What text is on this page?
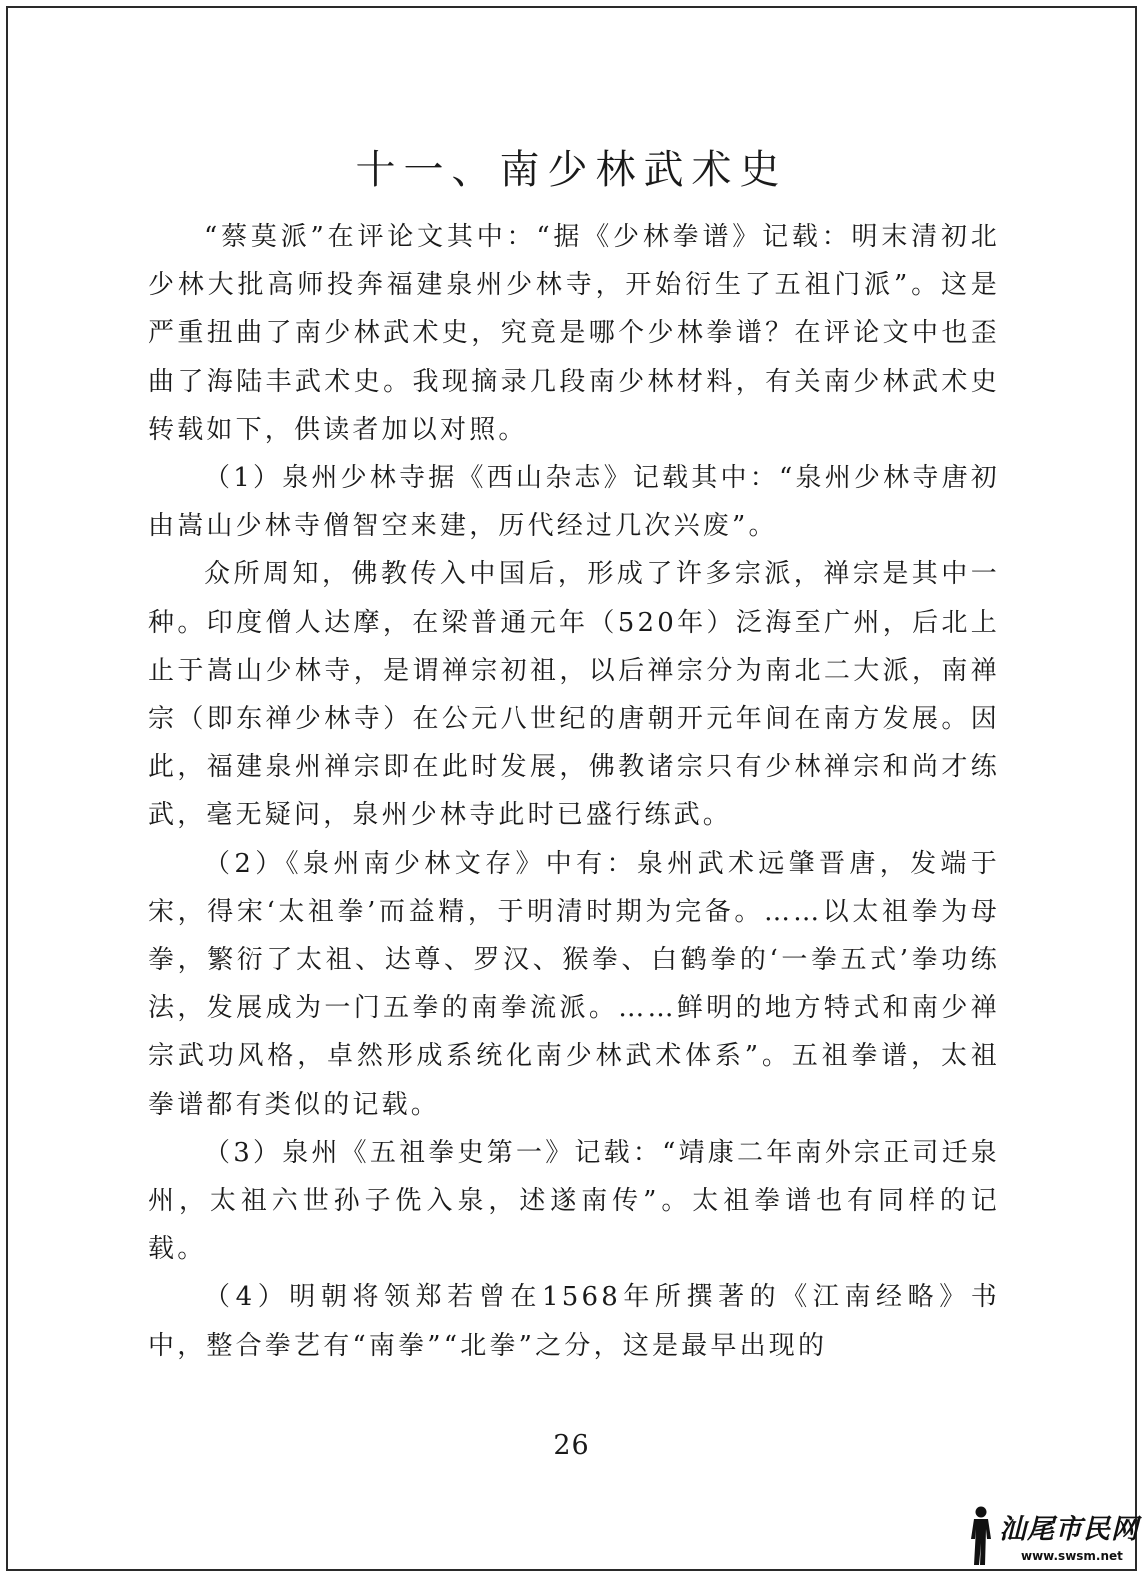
十一、南少林武术史

“蔡莫派”在评论文其中：“据《少林拳谱》记载：明末清初北少林大批高师投奔福建泉州少林寺，开始衍生了五祖门派”。这是严重扭曲了南少林武术史，究竟是哪个少林拳谱？在评论文中也歪曲了海陆丰武术史。我现摘录几段南少林材料，有关南少林武术史转载如下，供读者加以对照。

（1）泉州少林寺据《西山杂志》记载其中：“泉州少林寺唐初由嵩山少林寺僧智空来建，历代经过几次兴废”。

众所周知，佛教传入中国后，形成了许多宗派，禅宗是其中一种。印度僧人达摩，在梁普通元年（520年）泛海至广州，后北上止于嵩山少林寺，是谓禅宗初祖，以后禅宗分为南北二大派，南禅宗（即东禅少林寺）在公元八世纪的唐朝开元年间在南方发展。因此，福建泉州禅宗即在此时发展，佛教诸宗只有少林禅宗和尚才练武，毫无疑问，泉州少林寺此时已盛行练武。

（2）《泉州南少林文存》中有：泉州武术远肇晋唐，发端于宋，得宋‘太祖拳’而益精，于明清时期为完备。……以太祖拳为母拳，繁衍了太祖、达尊、罗汉、猴拳、白鹤拳的‘一拳五式’拳功练法，发展成为一门五拳的南拳流派。……鲜明的地方特式和南少禅宗武功风格，卓然形成系统化南少林武术体系”。五祖拳谱，太祖拳谱都有类似的记载。

（3）泉州《五祖拳史第一》记载：“靖康二年南外宗正司迁泉州，太祖六世孙子侁入泉，述遂南传”。太祖拳谱也有同样的记载。

（4）明朝将领郑若曾在1568年所撰著的《江南经略》书中，整合拳艺有“南拳”“北拳”之分，这是最早出现的

26
汕尾市民网
www.swsm.net
